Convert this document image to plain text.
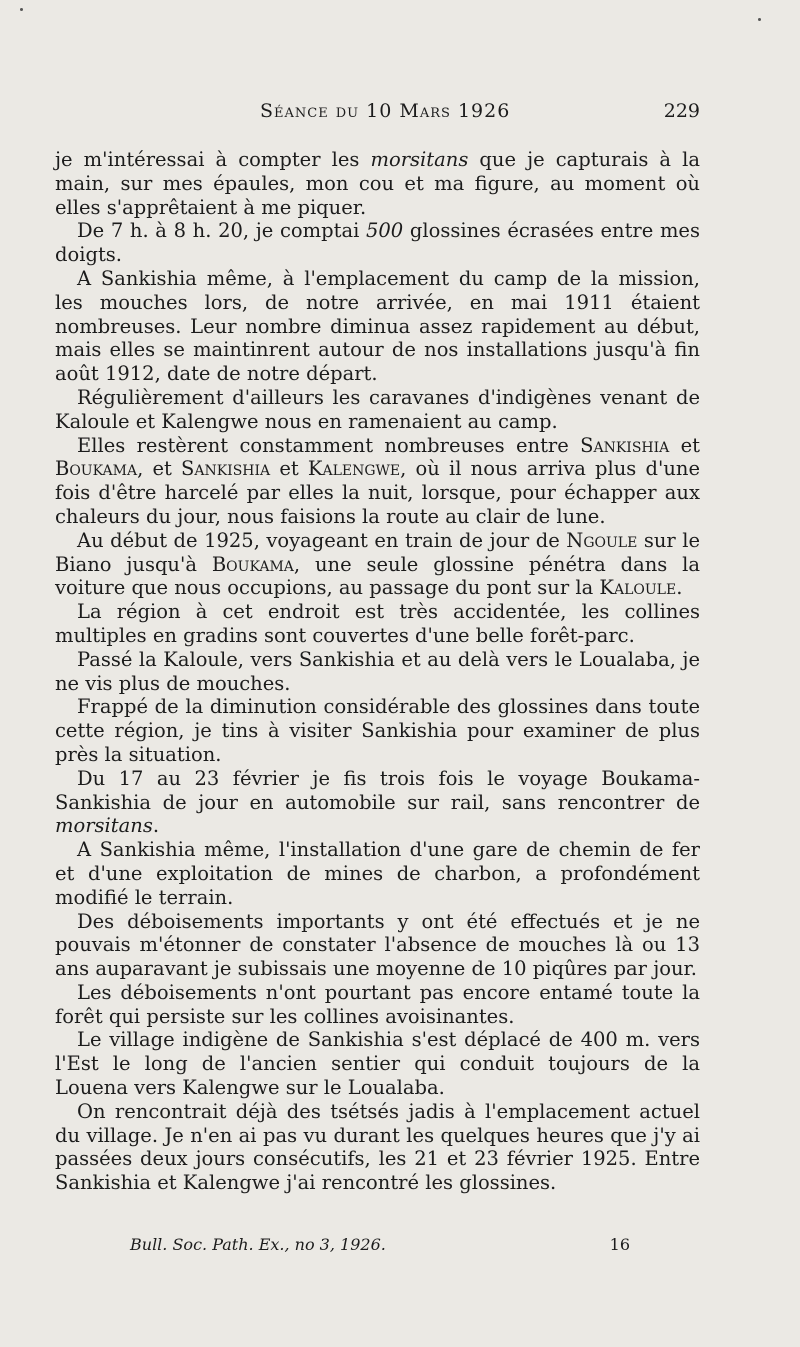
Séance du 10 Mars 1926	229

je m'intéressai à compter les morsitans que je capturais à la main, sur mes épaules, mon cou et ma figure, au moment où elles s'apprêtaient à me piquer.

De 7 h. à 8 h. 20, je comptai 500 glossines écrasées entre mes doigts.

A Sankishia même, à l'emplacement du camp de la mission, les mouches lors, de notre arrivée, en mai 1911 étaient nombreuses. Leur nombre diminua assez rapidement au début, mais elles se maintinrent autour de nos installations jusqu'à fin août 1912, date de notre départ.

Régulièrement d'ailleurs les caravanes d'indigènes venant de Kaloule et Kalengwe nous en ramenaient au camp.

Elles restèrent constamment nombreuses entre Sankishia et Boukama, et Sankishia et Kalengwe, où il nous arriva plus d'une fois d'être harcelé par elles la nuit, lorsque, pour échapper aux chaleurs du jour, nous faisions la route au clair de lune.

Au début de 1925, voyageant en train de jour de Ngoule sur le Biano jusqu'à Boukama, une seule glossine pénétra dans la voiture que nous occupions, au passage du pont sur la Kaloule.

La région à cet endroit est très accidentée, les collines multiples en gradins sont couvertes d'une belle forêt-parc.

Passé la Kaloule, vers Sankishia et au delà vers le Loualaba, je ne vis plus de mouches.

Frappé de la diminution considérable des glossines dans toute cette région, je tins à visiter Sankishia pour examiner de plus près la situation.

Du 17 au 23 février je fis trois fois le voyage Boukama-Sankishia de jour en automobile sur rail, sans rencontrer de morsitans.

A Sankishia même, l'installation d'une gare de chemin de fer et d'une exploitation de mines de charbon, a profondément modifié le terrain.

Des déboisements importants y ont été effectués et je ne pouvais m'étonner de constater l'absence de mouches là ou 13 ans auparavant je subissais une moyenne de 10 piqûres par jour.

Les déboisements n'ont pourtant pas encore entamé toute la forêt qui persiste sur les collines avoisinantes.

Le village indigène de Sankishia s'est déplacé de 400 m. vers l'Est le long de l'ancien sentier qui conduit toujours de la Louena vers Kalengwe sur le Loualaba.

On rencontrait déjà des tsétsés jadis à l'emplacement actuel du village. Je n'en ai pas vu durant les quelques heures que j'y ai passées deux jours consécutifs, les 21 et 23 février 1925. Entre Sankishia et Kalengwe j'ai rencontré les glossines.

Bull. Soc. Path. Ex., no 3, 1926.	16
